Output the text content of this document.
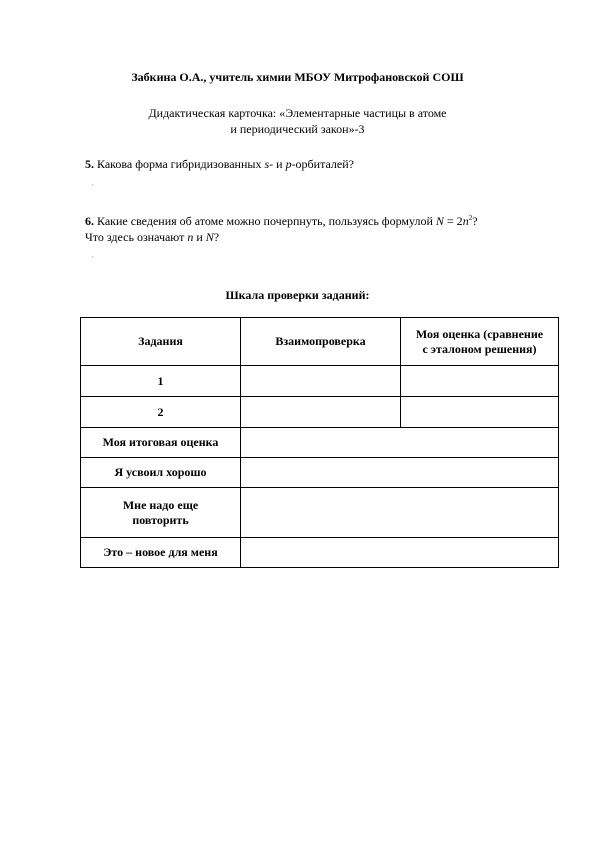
Забкина О.А., учитель химии МБОУ Митрофановской СОШ
Дидактическая карточка: «Элементарные частицы в атоме
и периодический закон»-3
5. Какова форма гибридизованных s- и p-орбиталей?
.
6. Какие сведения об атоме можно почерпнуть, пользуясь формулой $N = 2n^2$?
Что здесь означают n и N?
.
Шкала проверки заданий:
Задания	Взаимопроверка	Моя оценка (сравнение
с эталоном решения)

1		
2		
Моя итоговая оценка		
Я усвоил хорошо		

Мне надо еще
повторить		

Это – новое для меня		
